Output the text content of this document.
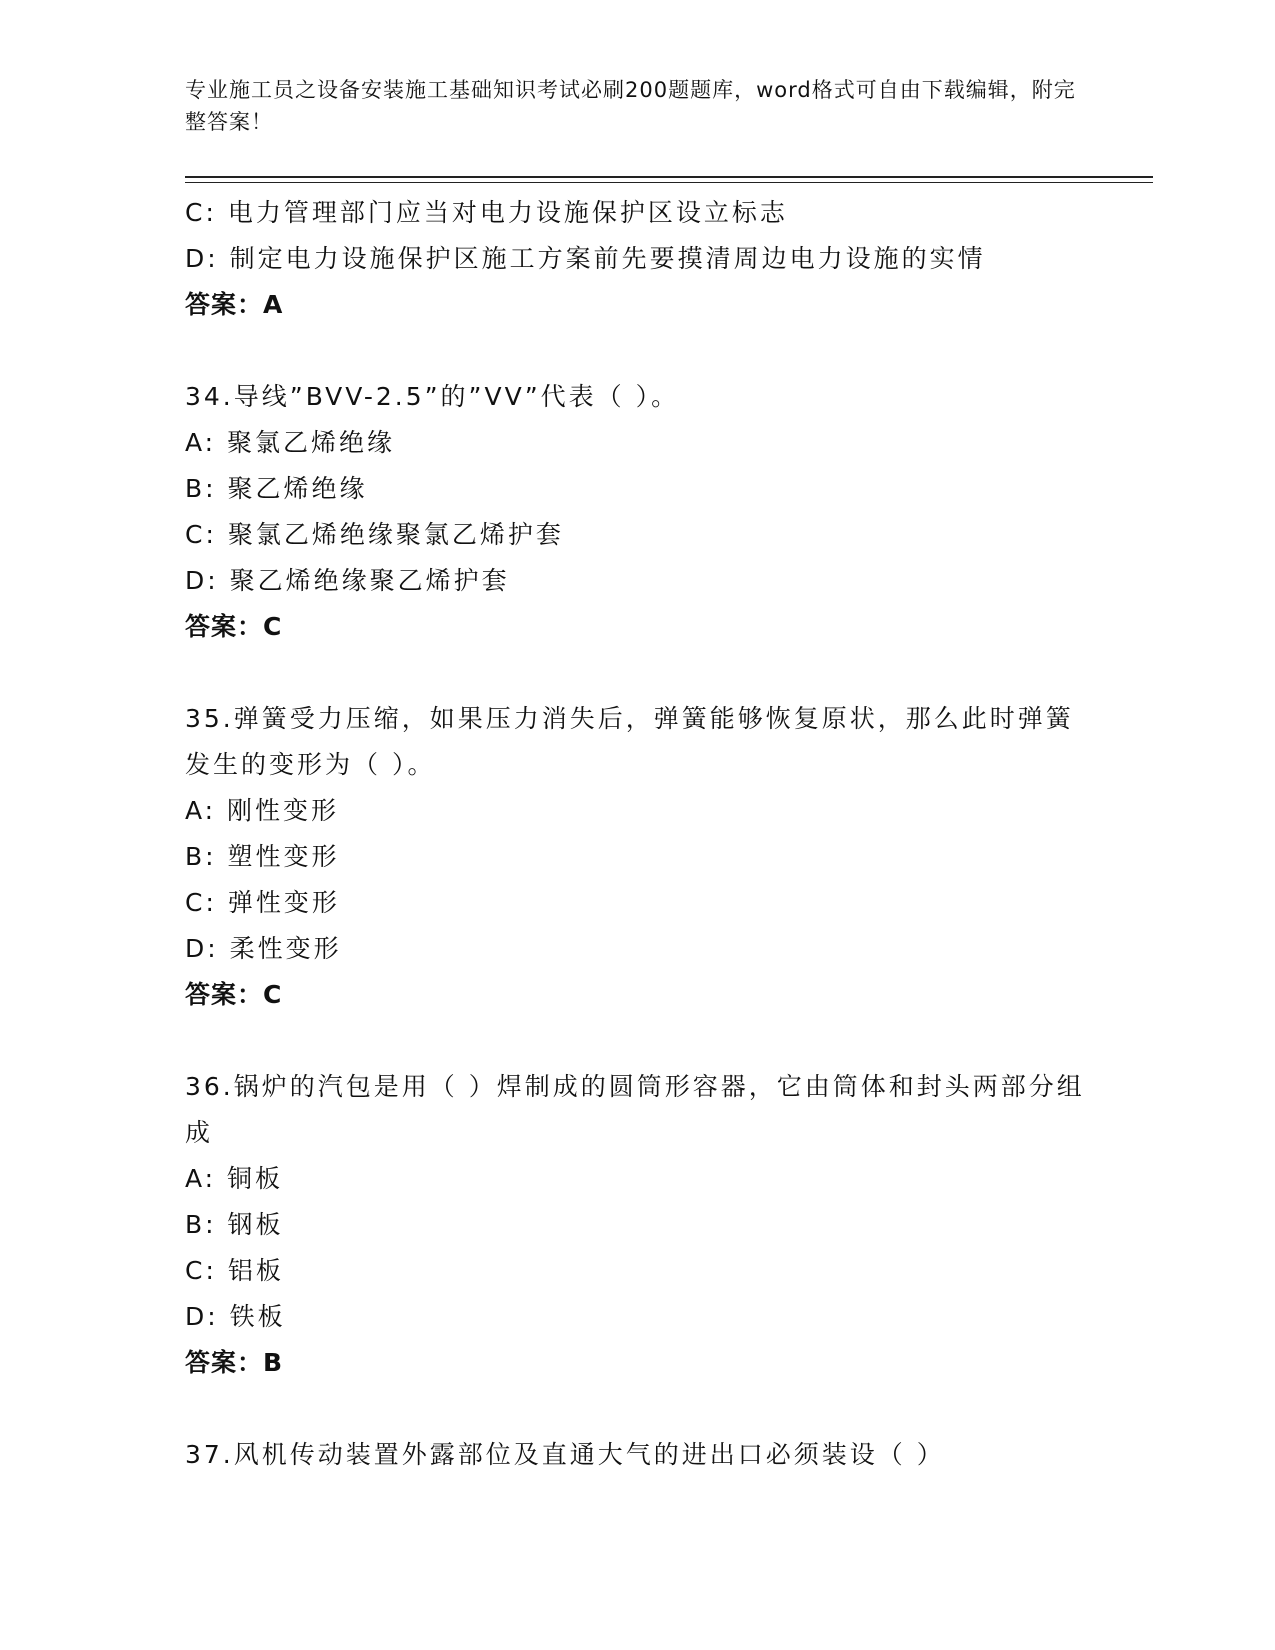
专业施工员之设备安装施工基础知识考试必刷200题题库，word格式可自由下载编辑，附完整答案！
C: 电力管理部门应当对电力设施保护区设立标志
D: 制定电力设施保护区施工方案前先要摸清周边电力设施的实情
答案：A
34.导线”BVV-2.5”的”VV”代表（ ）。
A: 聚氯乙烯绝缘
B: 聚乙烯绝缘
C: 聚氯乙烯绝缘聚氯乙烯护套
D: 聚乙烯绝缘聚乙烯护套
答案：C
35.弹簧受力压缩，如果压力消失后，弹簧能够恢复原状，那么此时弹簧发生的变形为（ ）。
A: 刚性变形
B: 塑性变形
C: 弹性变形
D: 柔性变形
答案：C
36.锅炉的汽包是用（ ）焊制成的圆筒形容器，它由筒体和封头两部分组成
A: 铜板
B: 钢板
C: 铝板
D: 铁板
答案：B
37.风机传动装置外露部位及直通大气的进出口必须装设（ ）
